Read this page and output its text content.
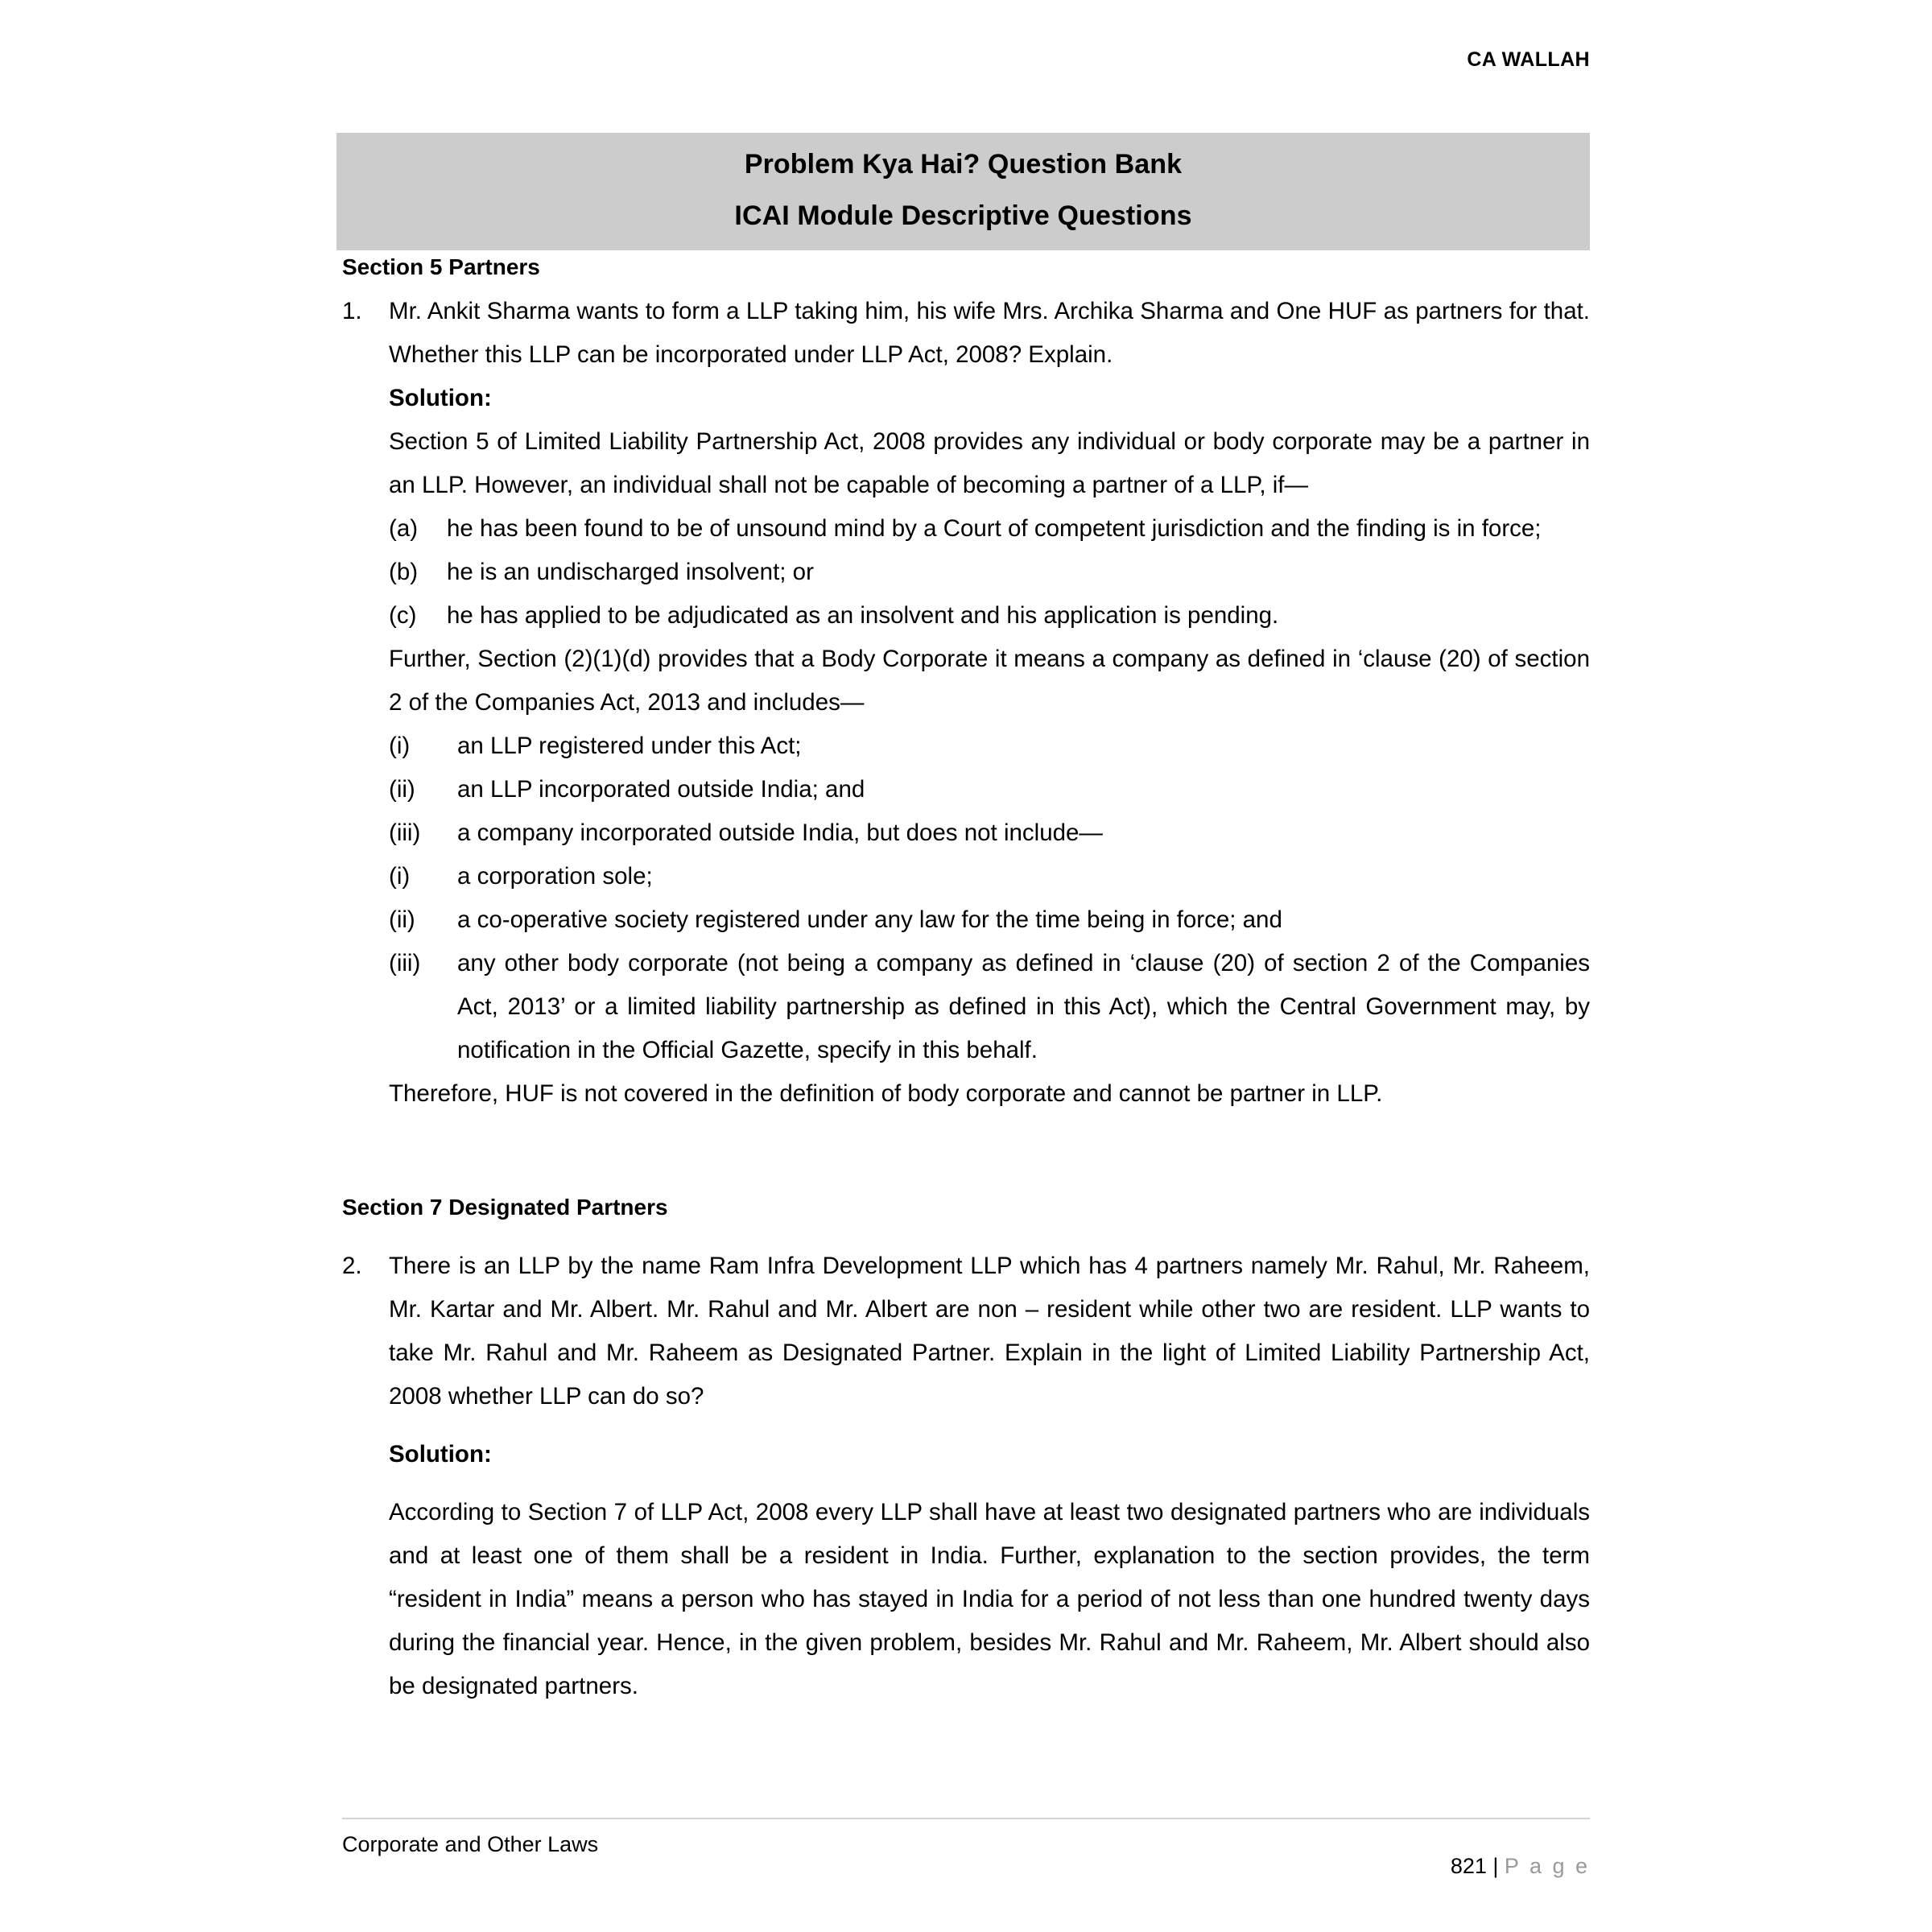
CA WALLAH
Problem Kya Hai? Question Bank
ICAI Module Descriptive Questions
Section 5 Partners
1.	Mr. Ankit Sharma wants to form a LLP taking him, his wife Mrs. Archika Sharma and One HUF as partners for that. Whether this LLP can be incorporated under LLP Act, 2008? Explain.
Solution:
Section 5 of Limited Liability Partnership Act, 2008 provides any individual or body corporate may be a partner in an LLP. However, an individual shall not be capable of becoming a partner of a LLP, if—
(a)	he has been found to be of unsound mind by a Court of competent jurisdiction and the finding is in force;
(b)	he is an undischarged insolvent; or
(c)	he has applied to be adjudicated as an insolvent and his application is pending.
Further, Section (2)(1)(d) provides that a Body Corporate it means a company as defined in ‘clause (20) of section 2 of the Companies Act, 2013 and includes—
(i)	an LLP registered under this Act;
(ii)	an LLP incorporated outside India; and
(iii)	a company incorporated outside India, but does not include—
(i)	a corporation sole;
(ii)	a co-operative society registered under any law for the time being in force; and
(iii)	any other body corporate (not being a company as defined in ‘clause (20) of section 2 of the Companies Act, 2013’ or a limited liability partnership as defined in this Act), which the Central Government may, by notification in the Official Gazette, specify in this behalf.
Therefore, HUF is not covered in the definition of body corporate and cannot be partner in LLP.
Section 7 Designated Partners
2.	There is an LLP by the name Ram Infra Development LLP which has 4 partners namely Mr. Rahul, Mr. Raheem, Mr. Kartar and Mr. Albert. Mr. Rahul and Mr. Albert are non – resident while other two are resident. LLP wants to take Mr. Rahul and Mr. Raheem as Designated Partner. Explain in the light of Limited Liability Partnership Act, 2008 whether LLP can do so?
Solution:
According to Section 7 of LLP Act, 2008 every LLP shall have at least two designated partners who are individuals and at least one of them shall be a resident in India. Further, explanation to the section provides, the term “resident in India” means a person who has stayed in India for a period of not less than one hundred twenty days during the financial year. Hence, in the given problem, besides Mr. Rahul and Mr. Raheem, Mr. Albert should also be designated partners.
Corporate and Other Laws

821 | P a g e
